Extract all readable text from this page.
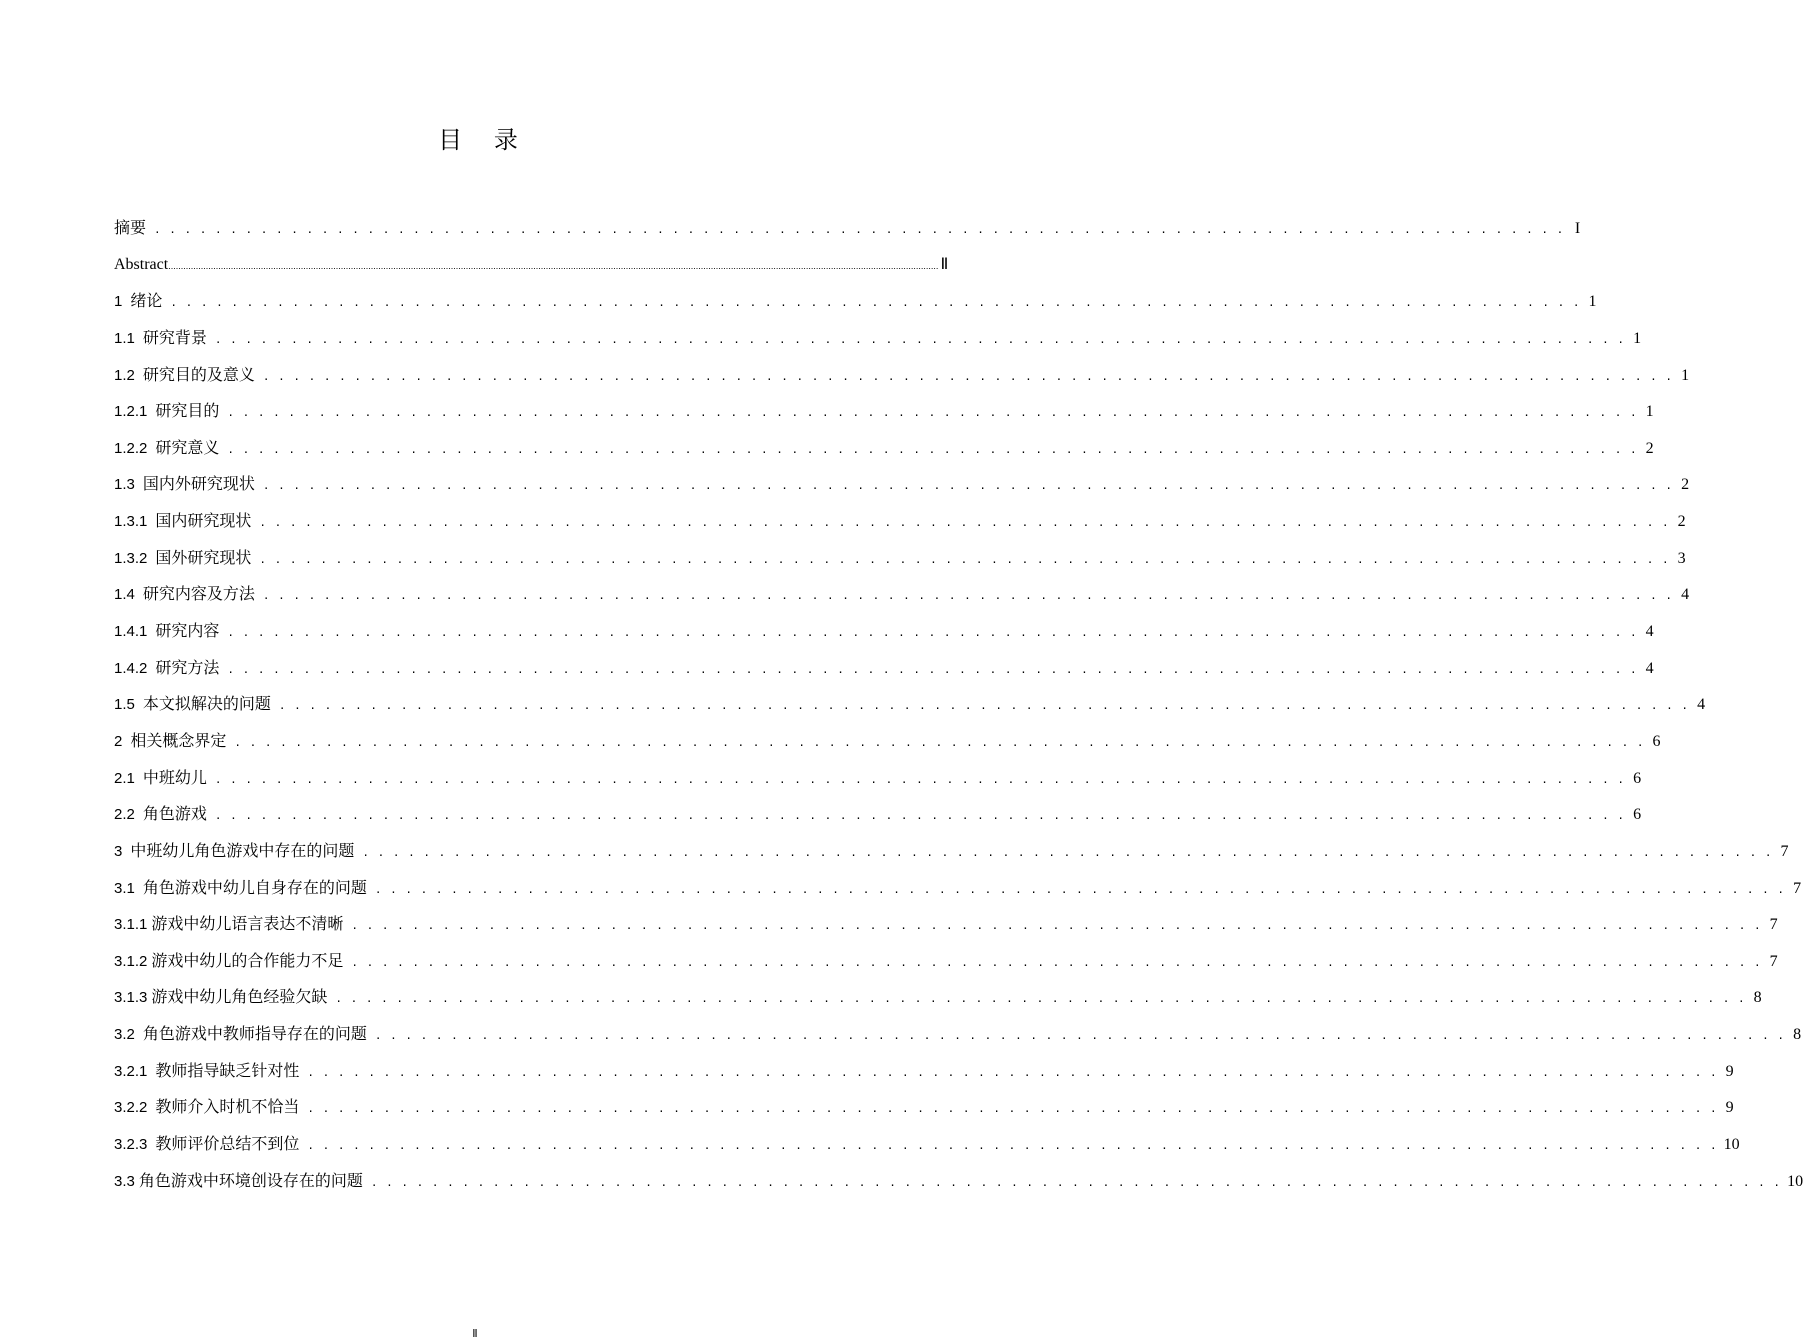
目 录
摘要 . . . . . . . . . . . . . . . . . . . . . . . . . . . . . . . . . . . . . . . . . . . . . . . . . . . . . . . . . . . . . . . . . . . . . . . . . . . . . . . . . . . . . . . . . . . . . I
Abstract .................................................................................................................................................................................................................................................................................................................... Ⅱ
1 绪论 . . . . . . . . . . . . . . . . . . . . . . . . . . . . . . . . . . . . . . . . . . . . . . . . . . . . . . . . . . . . . . . . . . . . . . . . . . . . . . . . . . . . . . . . . . . . . 1
1.1 研究背景 . . . . . . . . . . . . . . . . . . . . . . . . . . . . . . . . . . . . . . . . . . . . . . . . . . . . . . . . . . . . . . . . . . . . . . . . . . . . . . . . . . . . . . . . . . . . . 1
1.2 研究目的及意义 . . . . . . . . . . . . . . . . . . . . . . . . . . . . . . . . . . . . . . . . . . . . . . . . . . . . . . . . . . . . . . . . . . . . . . . . . . . . . . . . . . . . . . . . . . . . . 1
1.2.1 研究目的 . . . . . . . . . . . . . . . . . . . . . . . . . . . . . . . . . . . . . . . . . . . . . . . . . . . . . . . . . . . . . . . . . . . . . . . . . . . . . . . . . . . . . . . . . . . . . 1
1.2.2 研究意义 . . . . . . . . . . . . . . . . . . . . . . . . . . . . . . . . . . . . . . . . . . . . . . . . . . . . . . . . . . . . . . . . . . . . . . . . . . . . . . . . . . . . . . . . . . . . . 2
1.3 国内外研究现状 . . . . . . . . . . . . . . . . . . . . . . . . . . . . . . . . . . . . . . . . . . . . . . . . . . . . . . . . . . . . . . . . . . . . . . . . . . . . . . . . . . . . . . . . . . . . . 2
1.3.1 国内研究现状 . . . . . . . . . . . . . . . . . . . . . . . . . . . . . . . . . . . . . . . . . . . . . . . . . . . . . . . . . . . . . . . . . . . . . . . . . . . . . . . . . . . . . . . . . . . . . 2
1.3.2 国外研究现状 . . . . . . . . . . . . . . . . . . . . . . . . . . . . . . . . . . . . . . . . . . . . . . . . . . . . . . . . . . . . . . . . . . . . . . . . . . . . . . . . . . . . . . . . . . . . . 3
1.4 研究内容及方法 . . . . . . . . . . . . . . . . . . . . . . . . . . . . . . . . . . . . . . . . . . . . . . . . . . . . . . . . . . . . . . . . . . . . . . . . . . . . . . . . . . . . . . . . . . . . . 4
1.4.1 研究内容 . . . . . . . . . . . . . . . . . . . . . . . . . . . . . . . . . . . . . . . . . . . . . . . . . . . . . . . . . . . . . . . . . . . . . . . . . . . . . . . . . . . . . . . . . . . . . 4
1.4.2 研究方法 . . . . . . . . . . . . . . . . . . . . . . . . . . . . . . . . . . . . . . . . . . . . . . . . . . . . . . . . . . . . . . . . . . . . . . . . . . . . . . . . . . . . . . . . . . . . . 4
1.5 本文拟解决的问题 . . . . . . . . . . . . . . . . . . . . . . . . . . . . . . . . . . . . . . . . . . . . . . . . . . . . . . . . . . . . . . . . . . . . . . . . . . . . . . . . . . . . . . . . . . . . . 4
2 相关概念界定 . . . . . . . . . . . . . . . . . . . . . . . . . . . . . . . . . . . . . . . . . . . . . . . . . . . . . . . . . . . . . . . . . . . . . . . . . . . . . . . . . . . . . . . . . . . . . 6
2.1 中班幼儿 . . . . . . . . . . . . . . . . . . . . . . . . . . . . . . . . . . . . . . . . . . . . . . . . . . . . . . . . . . . . . . . . . . . . . . . . . . . . . . . . . . . . . . . . . . . . . 6
2.2 角色游戏 . . . . . . . . . . . . . . . . . . . . . . . . . . . . . . . . . . . . . . . . . . . . . . . . . . . . . . . . . . . . . . . . . . . . . . . . . . . . . . . . . . . . . . . . . . . . . 6
3 中班幼儿角色游戏中存在的问题 . . . . . . . . . . . . . . . . . . . . . . . . . . . . . . . . . . . . . . . . . . . . . . . . . . . . . . . . . . . . . . . . . . . . . . . . . . . . . . . . . . . . . . . . . . . . . 7
3.1 角色游戏中幼儿自身存在的问题 . . . . . . . . . . . . . . . . . . . . . . . . . . . . . . . . . . . . . . . . . . . . . . . . . . . . . . . . . . . . . . . . . . . . . . . . . . . . . . . . . . . . . . . . . . . . . 7
3.1.1 游戏中幼儿语言表达不清晰 . . . . . . . . . . . . . . . . . . . . . . . . . . . . . . . . . . . . . . . . . . . . . . . . . . . . . . . . . . . . . . . . . . . . . . . . . . . . . . . . . . . . . . . . . . . . . 7
3.1.2 游戏中幼儿的合作能力不足 . . . . . . . . . . . . . . . . . . . . . . . . . . . . . . . . . . . . . . . . . . . . . . . . . . . . . . . . . . . . . . . . . . . . . . . . . . . . . . . . . . . . . . . . . . . . . 7
3.1.3 游戏中幼儿角色经验欠缺 . . . . . . . . . . . . . . . . . . . . . . . . . . . . . . . . . . . . . . . . . . . . . . . . . . . . . . . . . . . . . . . . . . . . . . . . . . . . . . . . . . . . . . . . . . . . . 8
3.2 角色游戏中教师指导存在的问题 . . . . . . . . . . . . . . . . . . . . . . . . . . . . . . . . . . . . . . . . . . . . . . . . . . . . . . . . . . . . . . . . . . . . . . . . . . . . . . . . . . . . . . . . . . . . . 8
3.2.1 教师指导缺乏针对性 . . . . . . . . . . . . . . . . . . . . . . . . . . . . . . . . . . . . . . . . . . . . . . . . . . . . . . . . . . . . . . . . . . . . . . . . . . . . . . . . . . . . . . . . . . . . . 9
3.2.2 教师介入时机不恰当 . . . . . . . . . . . . . . . . . . . . . . . . . . . . . . . . . . . . . . . . . . . . . . . . . . . . . . . . . . . . . . . . . . . . . . . . . . . . . . . . . . . . . . . . . . . . . 9
3.2.3 教师评价总结不到位 . . . . . . . . . . . . . . . . . . . . . . . . . . . . . . . . . . . . . . . . . . . . . . . . . . . . . . . . . . . . . . . . . . . . . . . . . . . . . . . . . . . . . . . . . . . . . 10
3.3 角色游戏中环境创设存在的问题 . . . . . . . . . . . . . . . . . . . . . . . . . . . . . . . . . . . . . . . . . . . . . . . . . . . . . . . . . . . . . . . . . . . . . . . . . . . . . . . . . . . . . . . . . . . . . 10
Ⅱ
